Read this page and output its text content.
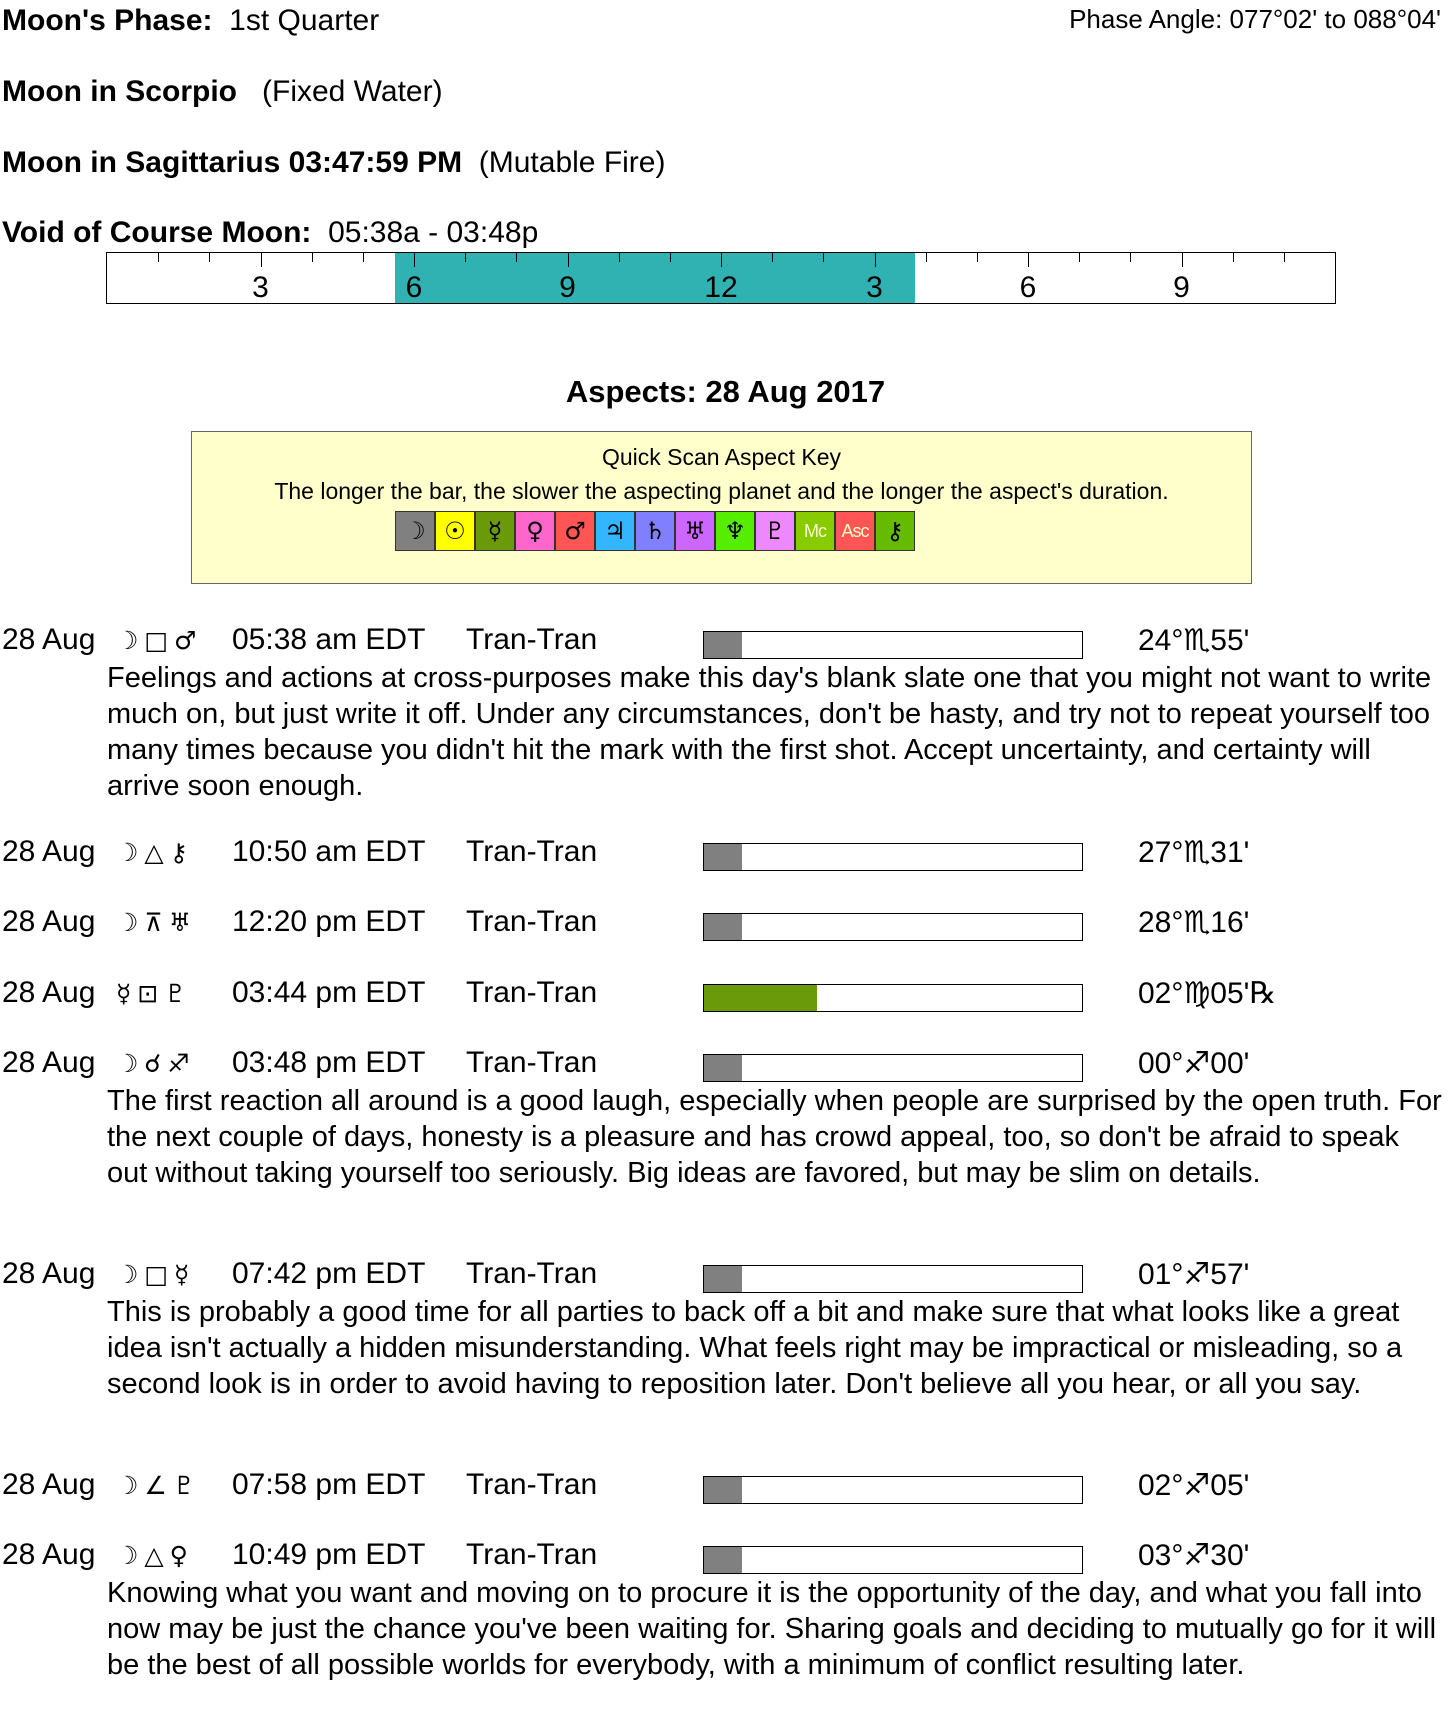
Moon's Phase: 1st Quarter	Phase Angle: 077°02' to 088°04'
Moon in Scorpio (Fixed Water)
Moon in Sagittarius 03:47:59 PM (Mutable Fire)
Void of Course Moon: 05:38a - 03:48p
3	6	9	12	3	6	9
Aspects: 28 Aug 2017
Quick Scan Aspect Key
The longer the bar, the slower the aspecting planet and the longer the aspect's duration.
☽ ☉ ☿ ♀ ♂ ♃ ♄ ♅ ♆ ♇	Mc Asc ⚷
28 Aug ☽□♂ 05:38 am EDT Tran-Tran	24°♏55'
Feelings and actions at cross-purposes make this day's blank slate one that you might not want to write much on, but just write it off. Under any circumstances, don't be hasty, and try not to repeat yourself too many times because you didn't hit the mark with the first shot. Accept uncertainty, and certainty will arrive soon enough.
28 Aug ☽△⚷ 10:50 am EDT Tran-Tran	27°♏31'
28 Aug ☽⊼♅ 12:20 pm EDT Tran-Tran	28°♏16'
28 Aug ☿⊡♇ 03:44 pm EDT Tran-Tran	02°♍05'℞
28 Aug ☽☌♐ 03:48 pm EDT Tran-Tran	00°♐00'
The first reaction all around is a good laugh, especially when people are surprised by the open truth. For the next couple of days, honesty is a pleasure and has crowd appeal, too, so don't be afraid to speak out without taking yourself too seriously. Big ideas are favored, but may be slim on details.
28 Aug ☽□☿ 07:42 pm EDT Tran-Tran	01°♐57'
This is probably a good time for all parties to back off a bit and make sure that what looks like a great idea isn't actually a hidden misunderstanding. What feels right may be impractical or misleading, so a second look is in order to avoid having to reposition later. Don't believe all you hear, or all you say.
28 Aug ☽∠♇ 07:58 pm EDT Tran-Tran	02°♐05'
28 Aug ☽△♀ 10:49 pm EDT Tran-Tran	03°♐30'
Knowing what you want and moving on to procure it is the opportunity of the day, and what you fall into now may be just the chance you've been waiting for. Sharing goals and deciding to mutually go for it will be the best of all possible worlds for everybody, with a minimum of conflict resulting later.
